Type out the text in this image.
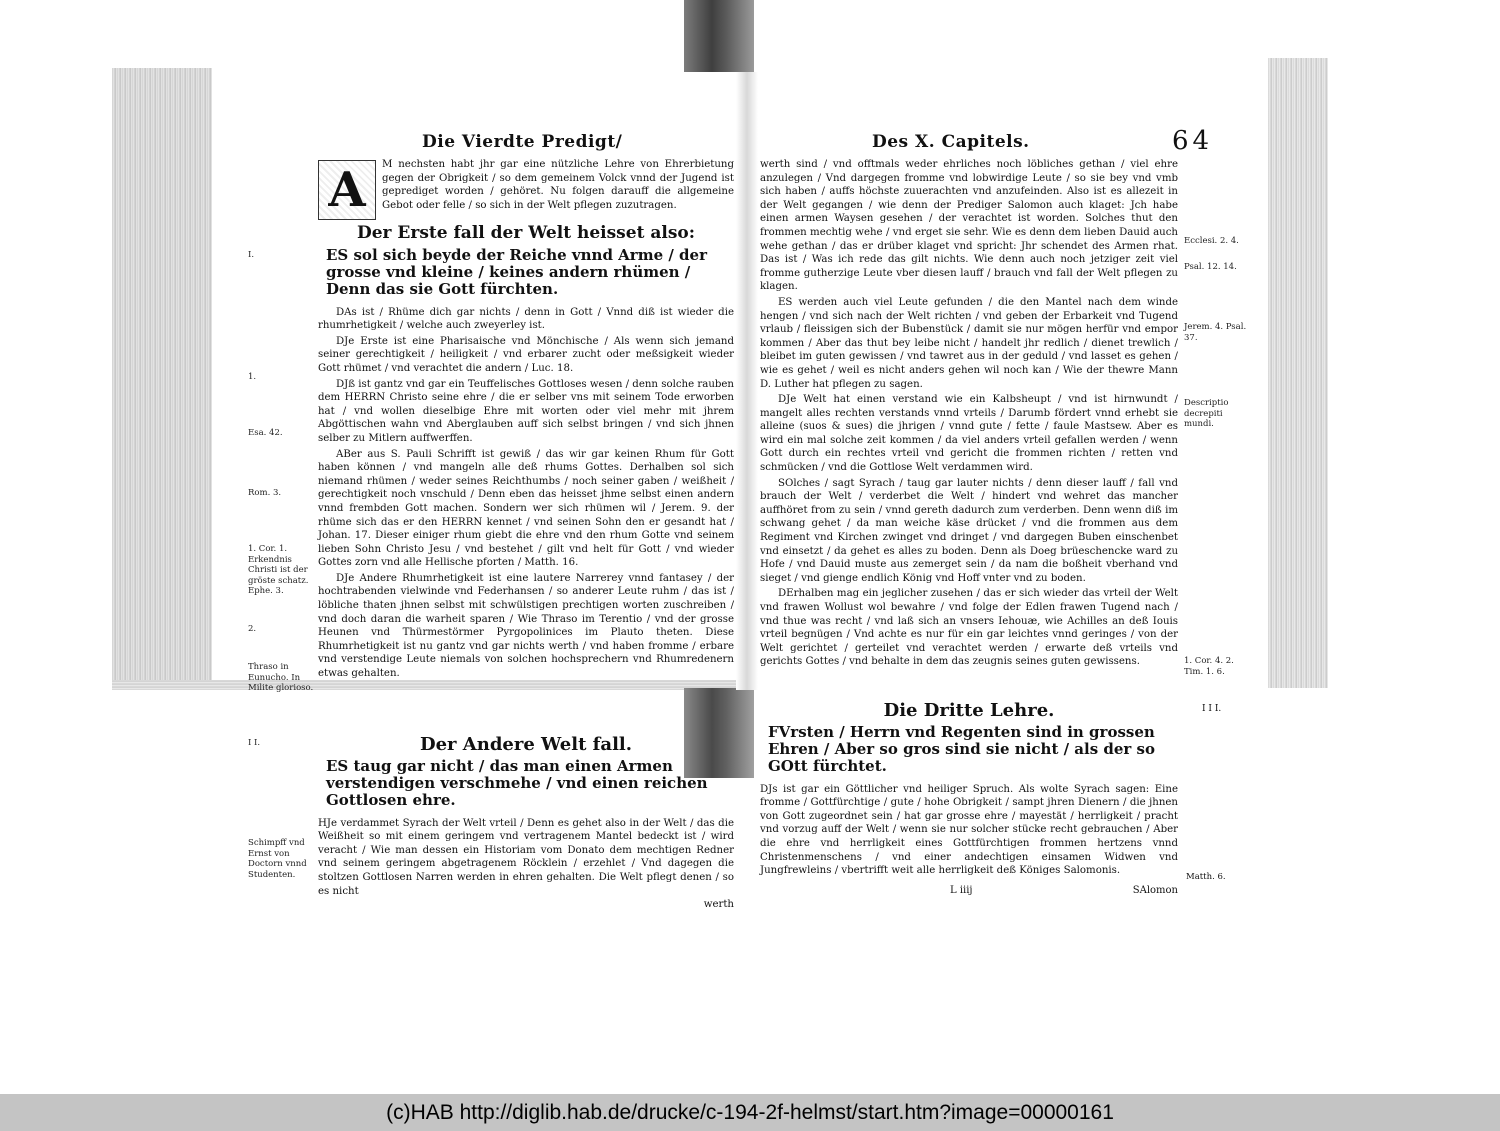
Die Vierdte Predigt/
I.
1.
Esa. 42.
Rom. 3.
1. Cor. 1. Erkendnis Christi ist der gröste schatz. Ephe. 3.
2.
Thraso in Eunucho. In Milite glorioso.
A	M nechsten habt jhr gar eine nützliche Lehre von Ehrerbietung gegen der Obrigkeit / so dem gemeinem Volck vnnd der Jugend ist geprediget worden / gehöret. Nu folgen darauff die allgemeine Gebot oder felle / so sich in der Welt pflegen zuzutragen.

Der Erste fall der Welt heisset also:
ES sol sich beyde der Reiche vnnd Arme / der grosse vnd kleine / keines andern rhümen / Denn das sie Gott fürchten.

DAs ist / Rhüme dich gar nichts / denn in Gott / Vnnd diß ist wieder die rhumrhetigkeit / welche auch zweyerley ist.

DJe Erste ist eine Pharisaische vnd Mönchische / Als wenn sich jemand seiner gerechtigkeit / heiligkeit / vnd erbarer zucht oder meßsigkeit wieder Gott rhümet / vnd verachtet die andern / Luc. 18.

DJß ist gantz vnd gar ein Teuffelisches Gottloses wesen / denn solche rauben dem HERRN Christo seine ehre / die er selber vns mit seinem Tode erworben hat / vnd wollen dieselbige Ehre mit worten oder viel mehr mit jhrem Abgöttischen wahn vnd Aberglauben auff sich selbst bringen / vnd sich jhnen selber zu Mitlern auffwerffen.

ABer aus S. Pauli Schrifft ist gewiß / das wir gar keinen Rhum für Gott haben können / vnd mangeln alle deß rhums Gottes. Derhalben sol sich niemand rhümen / weder seines Reichthumbs / noch seiner gaben / weißheit / gerechtigkeit noch vnschuld / Denn eben das heisset jhme selbst einen andern vnnd frembden Gott machen. Sondern wer sich rhümen wil / Jerem. 9. der rhüme sich das er den HERRN kennet / vnd seinen Sohn den er gesandt hat / Johan. 17. Dieser einiger rhum giebt die ehre vnd den rhum Gotte vnd seinem lieben Sohn Christo Jesu / vnd bestehet / gilt vnd helt für Gott / vnd wieder Gottes zorn vnd alle Hellische pforten / Matth. 16.

DJe Andere Rhumrhetigkeit ist eine lautere Narrerey vnnd fantasey / der hochtrabenden vielwinde vnd Federhansen / so anderer Leute ruhm / das ist / löbliche thaten jhnen selbst mit schwülstigen prechtigen worten zuschreiben / vnd doch daran die warheit sparen / Wie Thraso im Terentio / vnd der grosse Heunen vnd Thürmestörmer Pyrgopolinices im Plauto theten. Diese Rhumrhetigkeit ist nu gantz vnd gar nichts werth / vnd haben fromme / erbare vnd verstendige Leute niemals von solchen hochsprechern vnd Rhumredenern etwas gehalten.

I I.
Schimpff vnd Ernst von Doctorn vnnd Studenten.
Der Andere Welt fall.
ES taug gar nicht / das man einen Armen verstendigen verschmehe / vnd einen reichen Gottlosen ehre.

HJe verdammet Syrach der Welt vrteil / Denn es gehet also in der Welt / das die Weißheit so mit einem geringem vnd vertragenem Mantel bedeckt ist / wird veracht / Wie man dessen ein Historiam vom Donato dem mechtigen Redner vnd seinem geringem abgetragenem Röcklein / erzehlet / Vnd dagegen die stoltzen Gottlosen Narren werden in ehren gehalten. Die Welt pflegt denen / so es nicht

werth
Des X. Capitels.	64
Ecclesi. 2. 4.
Psal. 12. 14.
Jerem. 4. Psal. 37.
Descriptio decrepiti mundi.
1. Cor. 4. 2. Tim. 1. 6.

werth sind / vnd offtmals weder ehrliches noch löbliches gethan / viel ehre anzulegen / Vnd dargegen fromme vnd lobwirdige Leute / so sie bey vnd vmb sich haben / auffs höchste zuuerachten vnd anzufeinden. Also ist es allezeit in der Welt gegangen / wie denn der Prediger Salomon auch klaget: Jch habe einen armen Waysen gesehen / der verachtet ist worden. Solches thut den frommen mechtig wehe / vnd erget sie sehr. Wie es denn dem lieben Dauid auch wehe gethan / das er drüber klaget vnd spricht: Jhr schendet des Armen rhat. Das ist / Was ich rede das gilt nichts. Wie denn auch noch jetziger zeit viel fromme gutherzige Leute vber diesen lauff / brauch vnd fall der Welt pflegen zu klagen.

ES werden auch viel Leute gefunden / die den Mantel nach dem winde hengen / vnd sich nach der Welt richten / vnd geben der Erbarkeit vnd Tugend vrlaub / fleissigen sich der Bubenstück / damit sie nur mögen herfür vnd empor kommen / Aber das thut bey leibe nicht / handelt jhr redlich / dienet trewlich / bleibet im guten gewissen / vnd tawret aus in der geduld / vnd lasset es gehen / wie es gehet / weil es nicht anders gehen wil noch kan / Wie der thewre Mann D. Luther hat pflegen zu sagen.

DJe Welt hat einen verstand wie ein Kalbsheupt / vnd ist hirnwundt / mangelt alles rechten verstands vnnd vrteils / Darumb fördert vnnd erhebt sie alleine (suos & sues) die jhrigen / vnnd gute / fette / faule Mastsew. Aber es wird ein mal solche zeit kommen / da viel anders vrteil gefallen werden / wenn Gott durch ein rechtes vrteil vnd gericht die frommen richten / retten vnd schmücken / vnd die Gottlose Welt verdammen wird.

SOlches / sagt Syrach / taug gar lauter nichts / denn dieser lauff / fall vnd brauch der Welt / verderbet die Welt / hindert vnd wehret das mancher auffhöret from zu sein / vnnd gereth dadurch zum verderben. Denn wenn diß im schwang gehet / da man weiche käse drücket / vnd die frommen aus dem Regiment vnd Kirchen zwinget vnd dringet / vnd dargegen Buben einschenbet vnd einsetzt / da gehet es alles zu boden. Denn als Doeg brüeschencke ward zu Hofe / vnd Dauid muste aus zemerget sein / da nam die boßheit vberhand vnd sieget / vnd gienge endlich König vnd Hoff vnter vnd zu boden.

DErhalben mag ein jeglicher zusehen / das er sich wieder das vrteil der Welt vnd frawen Wollust wol bewahre / vnd folge der Edlen frawen Tugend nach / vnd thue was recht / vnd laß sich an vnsers Iehouæ, wie Achilles an deß Iouis vrteil begnügen / Vnd achte es nur für ein gar leichtes vnnd geringes / von der Welt gerichtet / gerteilet vnd verachtet werden / erwarte deß vrteils vnd gerichts Gottes / vnd behalte in dem das zeugnis seines guten gewissens.

I I I.
Matth. 6.
Die Dritte Lehre.
FVrsten / Herrn vnd Regenten sind in grossen Ehren / Aber so gros sind sie nicht / als der so GOtt fürchtet.

DJs ist gar ein Göttlicher vnd heiliger Spruch. Als wolte Syrach sagen: Eine fromme / Gottfürchtige / gute / hohe Obrigkeit / sampt jhren Dienern / die jhnen von Gott zugeordnet sein / hat gar grosse ehre / mayestät / herrligkeit / pracht vnd vorzug auff der Welt / wenn sie nur solcher stücke recht gebrauchen / Aber die ehre vnd herrligkeit eines Gottfürchtigen frommen hertzens vnnd Christenmenschens / vnd einer andechtigen einsamen Widwen vnd Jungfrewleins / vbertrifft weit alle herrligkeit deß Königes Salomonis.

L iiij	SAlomon
(c)HAB http://diglib.hab.de/drucke/c-194-2f-helmst/start.htm?image=00000161
